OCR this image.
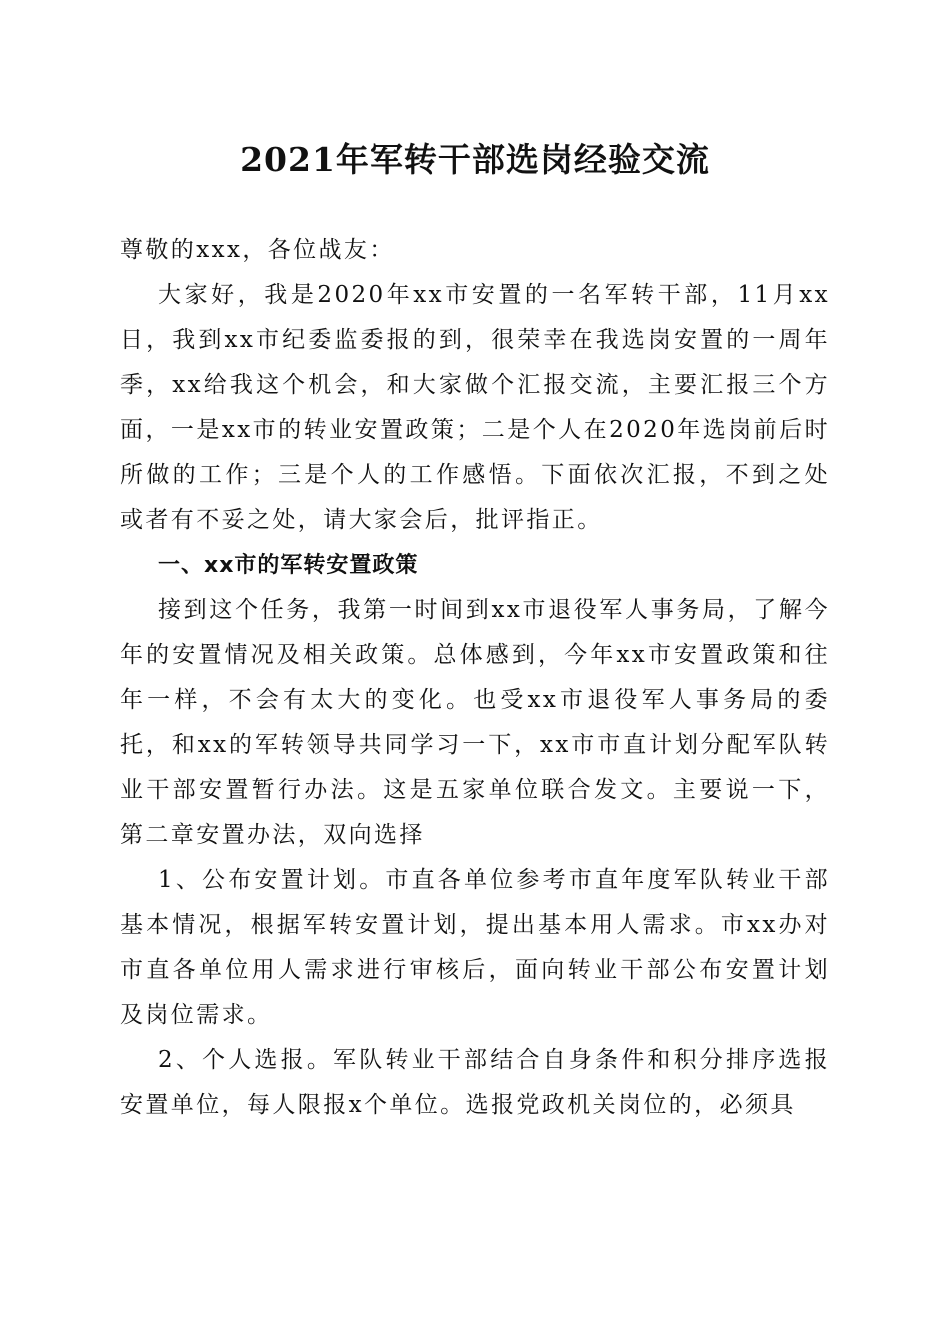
2021年军转干部选岗经验交流

尊敬的xxx，各位战友：

大家好，我是2020年xx市安置的一名军转干部，11月xx日，我到xx市纪委监委报的到，很荣幸在我选岗安置的一周年季，xx给我这个机会，和大家做个汇报交流，主要汇报三个方面，一是xx市的转业安置政策；二是个人在2020年选岗前后时所做的工作；三是个人的工作感悟。下面依次汇报，不到之处或者有不妥之处，请大家会后，批评指正。

一、xx市的军转安置政策

接到这个任务，我第一时间到xx市退役军人事务局，了解今年的安置情况及相关政策。总体感到，今年xx市安置政策和往年一样，不会有太大的变化。也受xx市退役军人事务局的委托，和xx的军转领导共同学习一下，xx市市直计划分配军队转业干部安置暂行办法。这是五家单位联合发文。主要说一下，第二章安置办法，双向选择

1、公布安置计划。市直各单位参考市直年度军队转业干部基本情况，根据军转安置计划，提出基本用人需求。市xx办对市直各单位用人需求进行审核后，面向转业干部公布安置计划及岗位需求。

2、个人选报。军队转业干部结合自身条件和积分排序选报安置单位，每人限报x个单位。选报党政机关岗位的，必须具
